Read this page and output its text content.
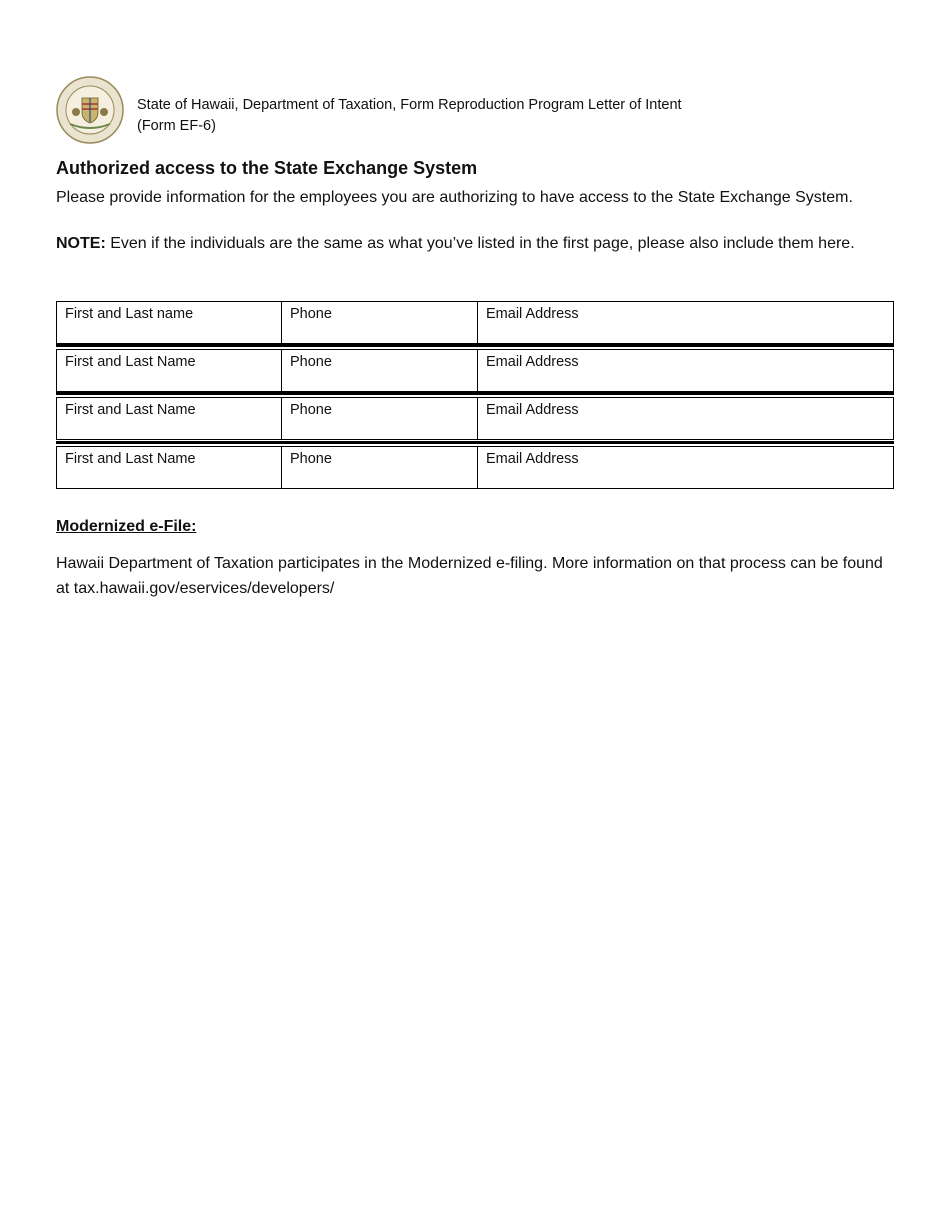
State of Hawaii, Department of Taxation, Form Reproduction Program Letter of Intent
(Form EF-6)
Authorized access to the State Exchange System

Please provide information for the employees you are authorizing to have access to the State Exchange System.

NOTE: Even if the individuals are the same as what you’ve listed in the first page, please also include them here.

First and Last name	Phone	Email Address
First and Last Name	Phone	Email Address
First and Last Name	Phone	Email Address
First and Last Name	Phone	Email Address
Modernized e-File:

Hawaii Department of Taxation participates in the Modernized e-filing. More information on that process can be found at tax.hawaii.gov/eservices/developers/
